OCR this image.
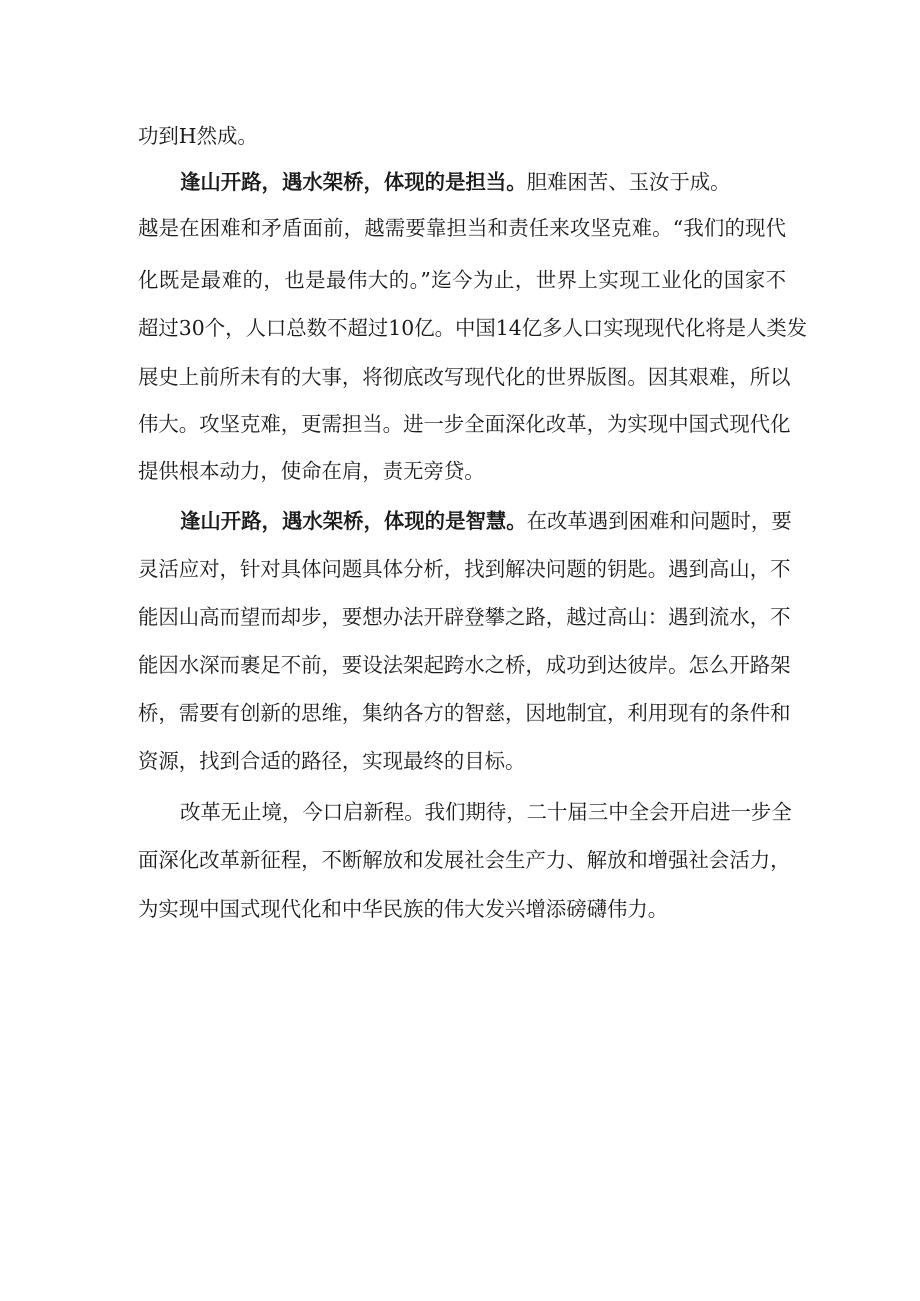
功到H然成。
逢山开路，遇水架桥，体现的是担当。胆难困苦、玉汝于成。
越是在困难和矛盾面前，越需要靠担当和责任来攻坚克难。“我们的现代
化既是最难的，也是最伟大的。”迄今为止，世界上实现工业化的国家不
超过30个，人口总数不超过10亿。中国14亿多人口实现现代化将是人类发
展史上前所未有的大事，将彻底改写现代化的世界版图。因其艰难，所以
伟大。攻坚克难，更需担当。进一步全面深化改革，为实现中国式现代化
提供根本动力，使命在肩，责无旁贷。
逢山开路，遇水架桥，体现的是智慧。在改革遇到困难和问题时，要
灵活应对，针对具体问题具体分析，找到解决问题的钥匙。遇到高山，不
能因山高而望而却步，要想办法开辟登攀之路，越过高山：遇到流水，不
能因水深而裹足不前，要设法架起跨水之桥，成功到达彼岸。怎么开路架
桥，需要有创新的思维，集纳各方的智慈，因地制宜，利用现有的条件和
资源，找到合适的路径，实现最终的目标。
改革无止境，今口启新程。我们期待，二十届三中全会开启进一步全
面深化改革新征程，不断解放和发展社会生产力、解放和增强社会活力，
为实现中国式现代化和中华民族的伟大发兴增添磅礴伟力。
